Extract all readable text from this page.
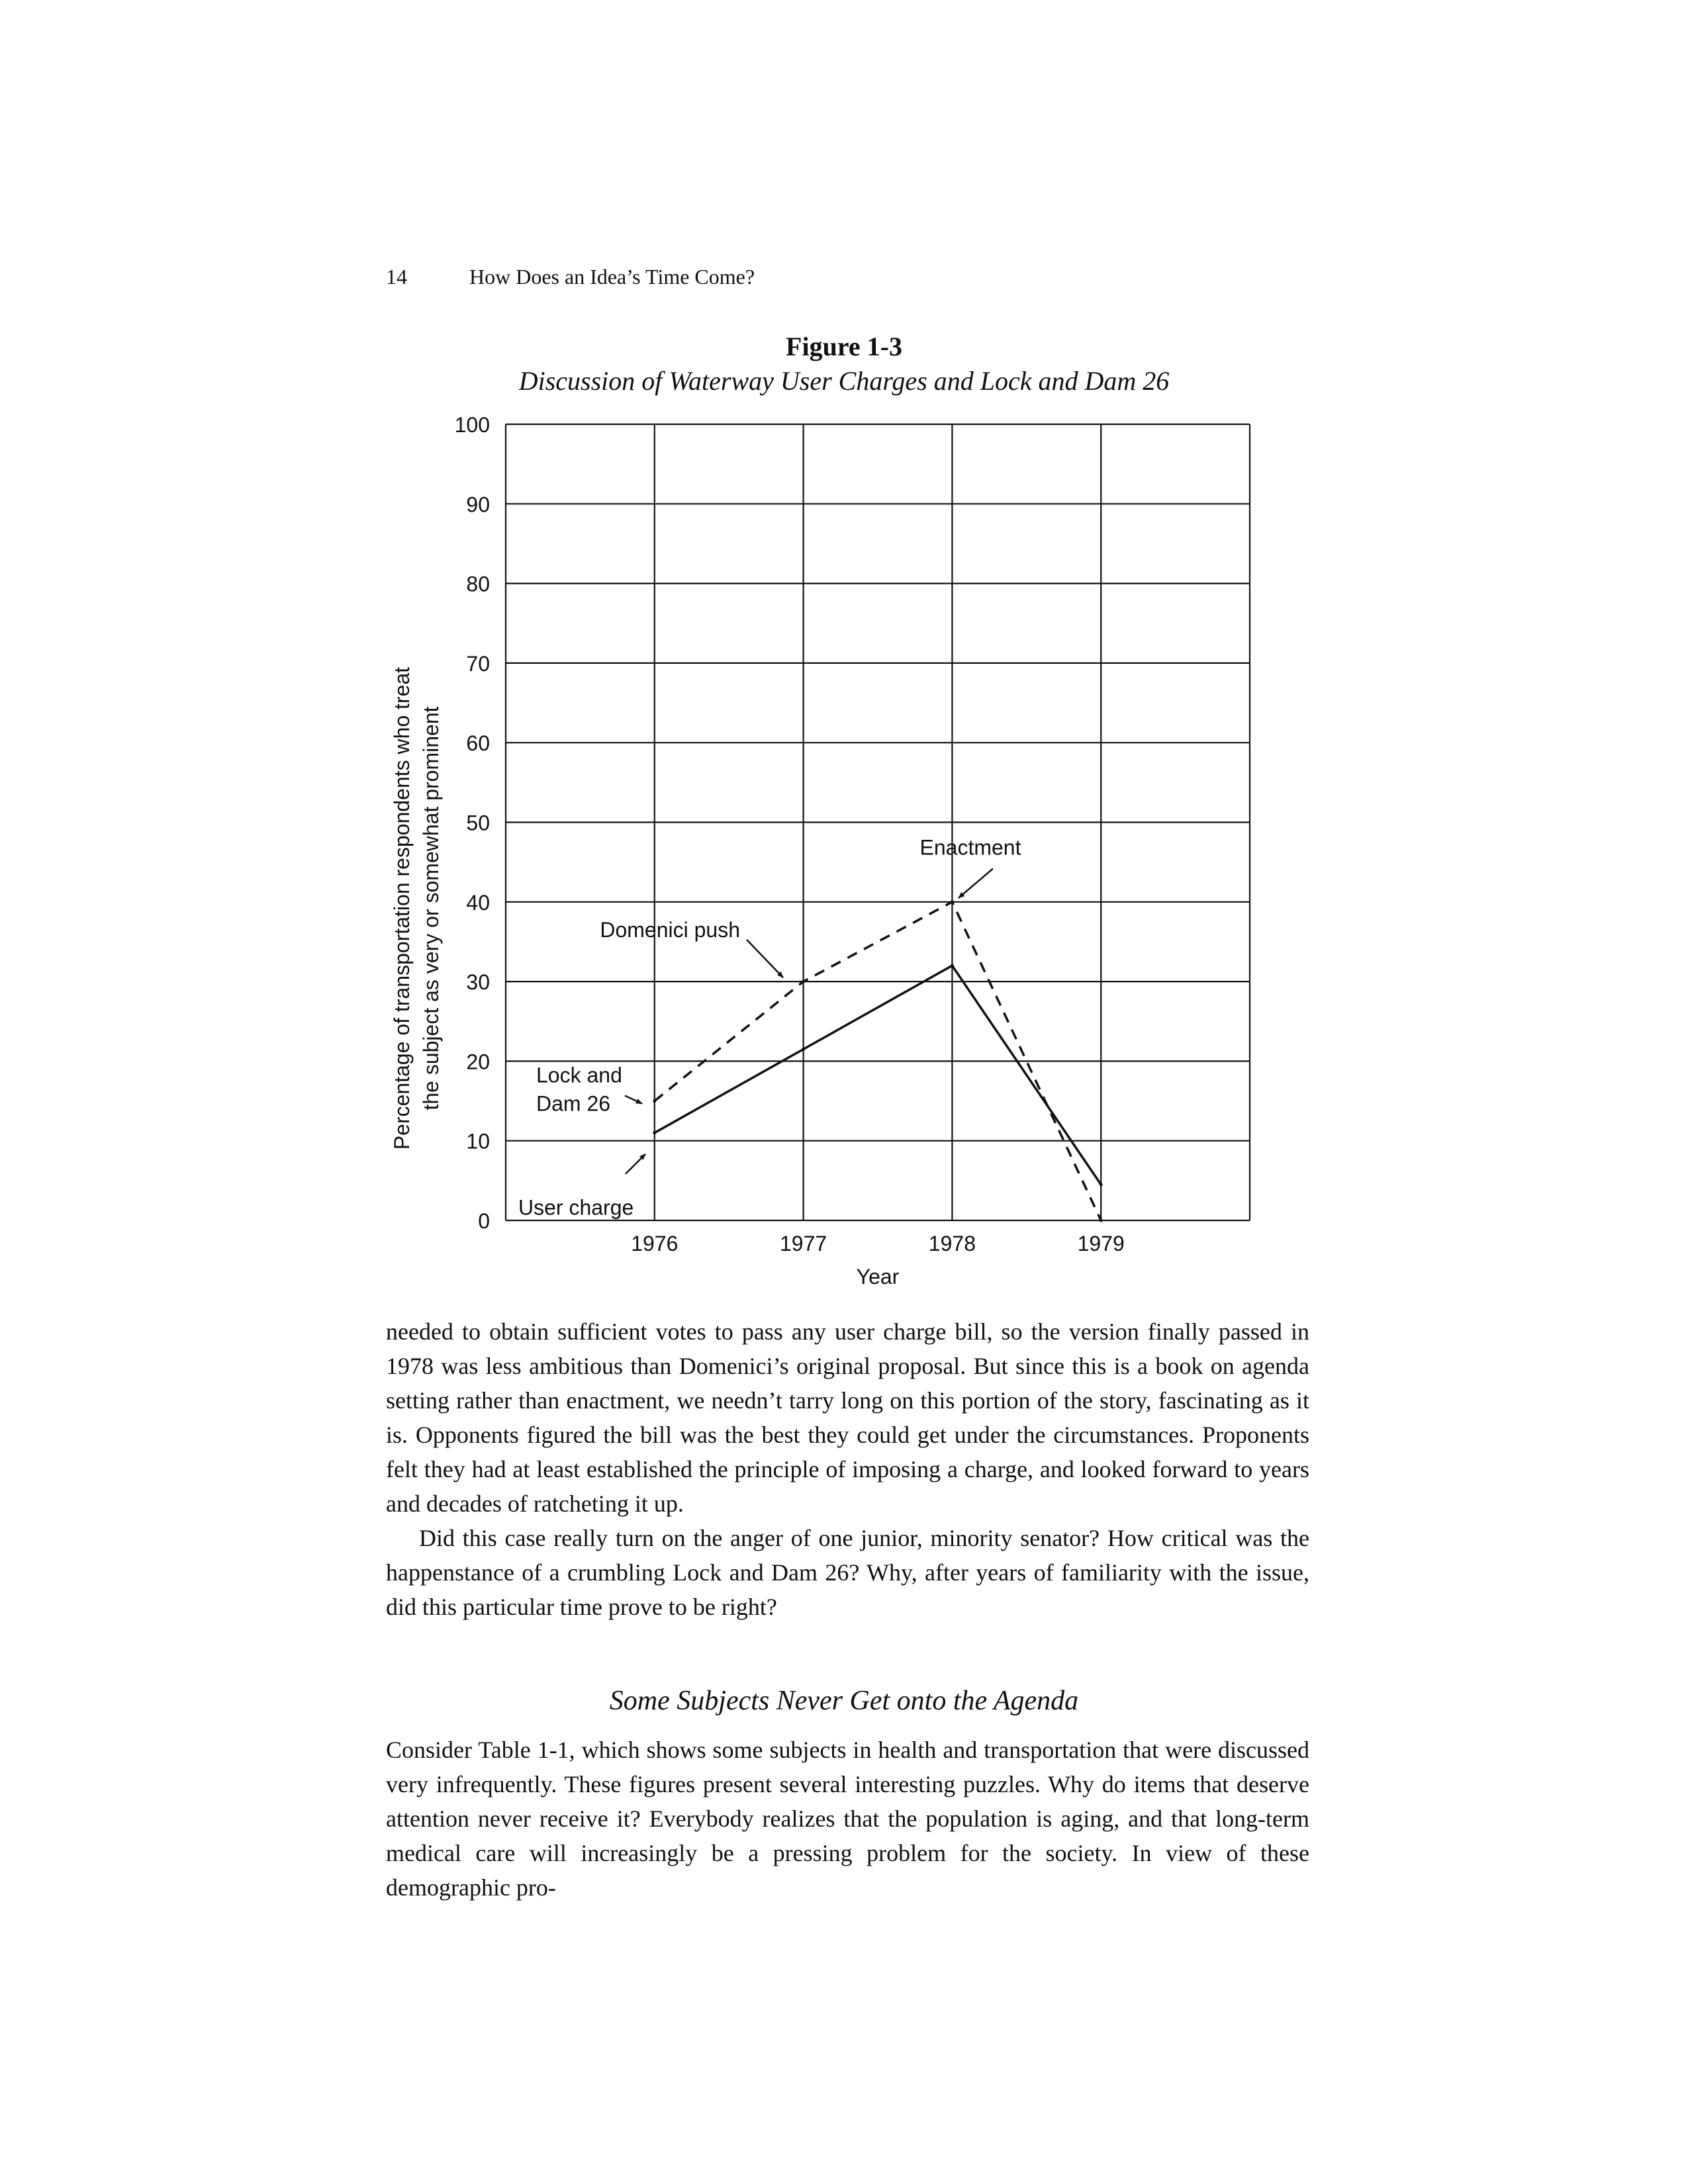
14	How Does an Idea’s Time Come?
Figure 1-3
Discussion of Waterway User Charges and Lock and Dam 26
0
10
20
30
40
50
60
70
80
90
100
1976	1977	1978	1979
Year
Percentage of transportation respondents who treat the subject as very or somewhat prominent	Domenici push
Enactment
Lock and Dam 26
User charge

needed to obtain sufficient votes to pass any user charge bill, so the version finally passed in 1978 was less ambitious than Domenici’s original proposal. But since this is a book on agenda setting rather than enactment, we needn’t tarry long on this portion of the story, fascinating as it is. Opponents figured the bill was the best they could get under the circumstances. Proponents felt they had at least established the principle of imposing a charge, and looked forward to years and decades of ratcheting it up.

Did this case really turn on the anger of one junior, minority senator? How critical was the happenstance of a crumbling Lock and Dam 26? Why, after years of familiarity with the issue, did this particular time prove to be right?

Some Subjects Never Get onto the Agenda

Consider Table 1-1, which shows some subjects in health and transportation that were discussed very infrequently. These figures present several interesting puzzles. Why do items that deserve attention never receive it? Everybody realizes that the population is aging, and that long-term medical care will increasingly be a pressing problem for the society. In view of these demographic pro-
